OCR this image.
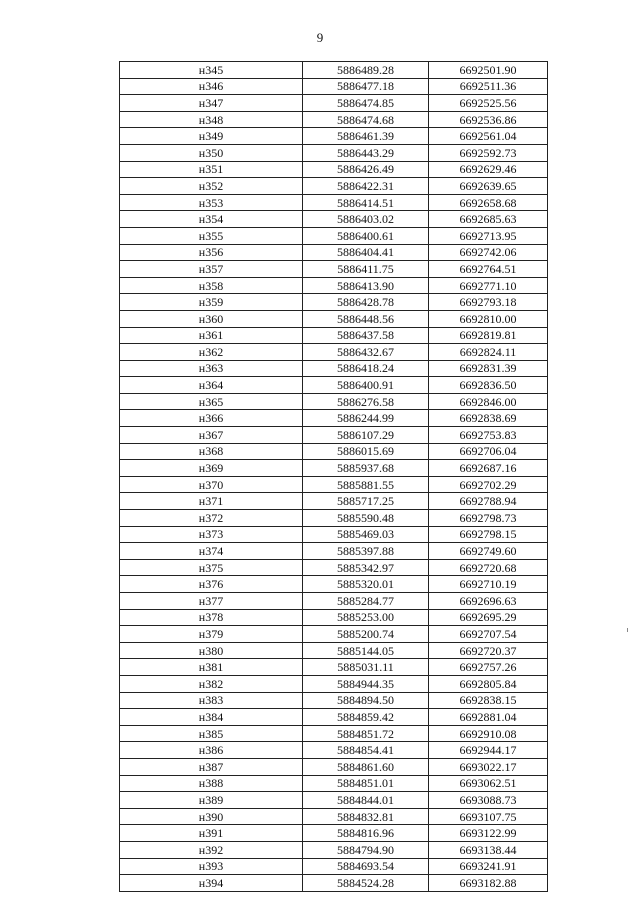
9
н345	5886489.28	6692501.90
н346	5886477.18	6692511.36
н347	5886474.85	6692525.56
н348	5886474.68	6692536.86
н349	5886461.39	6692561.04
н350	5886443.29	6692592.73
н351	5886426.49	6692629.46
н352	5886422.31	6692639.65
н353	5886414.51	6692658.68
н354	5886403.02	6692685.63
н355	5886400.61	6692713.95
н356	5886404.41	6692742.06
н357	5886411.75	6692764.51
н358	5886413.90	6692771.10
н359	5886428.78	6692793.18
н360	5886448.56	6692810.00
н361	5886437.58	6692819.81
н362	5886432.67	6692824.11
н363	5886418.24	6692831.39
н364	5886400.91	6692836.50
н365	5886276.58	6692846.00
н366	5886244.99	6692838.69
н367	5886107.29	6692753.83
н368	5886015.69	6692706.04
н369	5885937.68	6692687.16
н370	5885881.55	6692702.29
н371	5885717.25	6692788.94
н372	5885590.48	6692798.73
н373	5885469.03	6692798.15
н374	5885397.88	6692749.60
н375	5885342.97	6692720.68
н376	5885320.01	6692710.19
н377	5885284.77	6692696.63
н378	5885253.00	6692695.29
н379	5885200.74	6692707.54
н380	5885144.05	6692720.37
н381	5885031.11	6692757.26
н382	5884944.35	6692805.84
н383	5884894.50	6692838.15
н384	5884859.42	6692881.04
н385	5884851.72	6692910.08
н386	5884854.41	6692944.17
н387	5884861.60	6693022.17
н388	5884851.01	6693062.51
н389	5884844.01	6693088.73
н390	5884832.81	6693107.75
н391	5884816.96	6693122.99
н392	5884794.90	6693138.44
н393	5884693.54	6693241.91
н394	5884524.28	6693182.88
